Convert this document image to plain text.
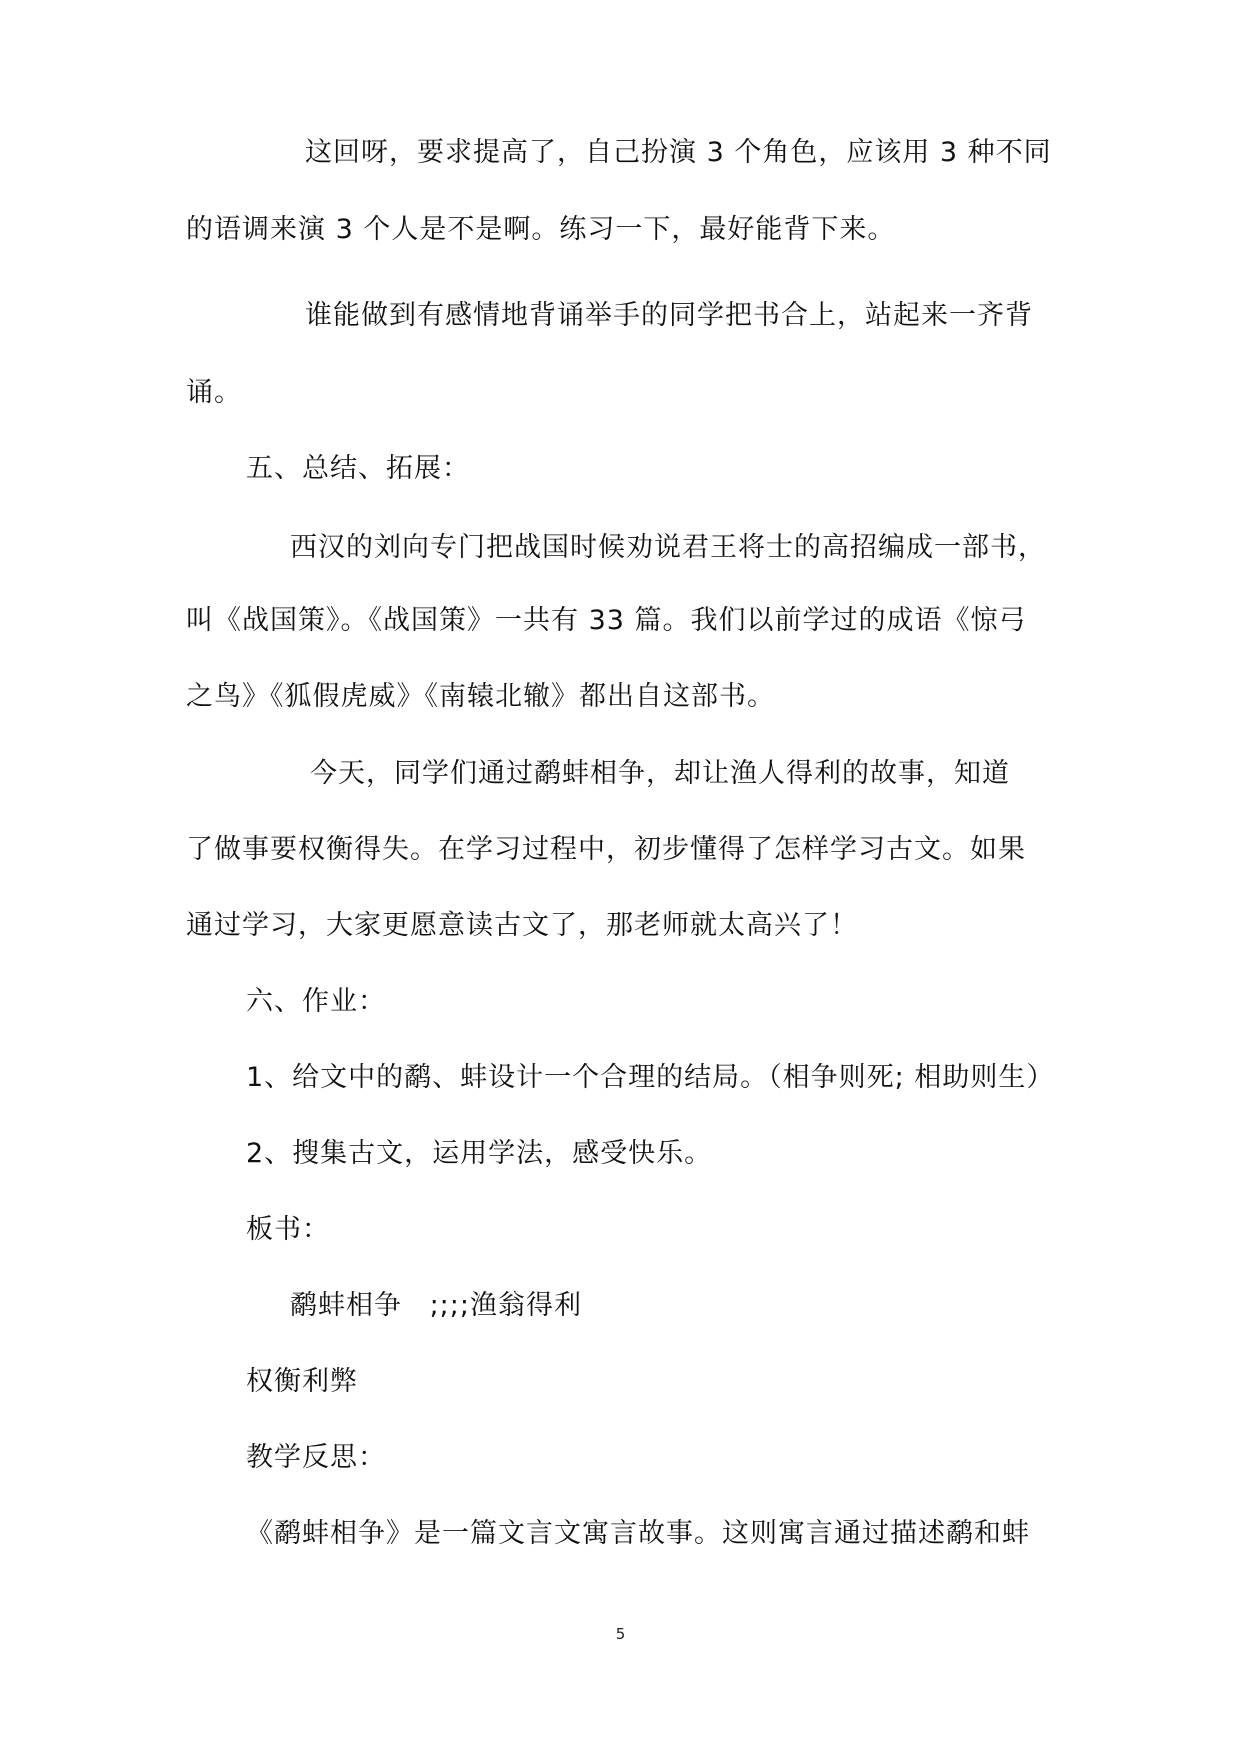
这回呀，要求提高了，自己扮演 3 个角色，应该用 3 种不同
的语调来演 3 个人是不是啊。练习一下，最好能背下来。
谁能做到有感情地背诵举手的同学把书合上，站起来一齐背
诵。
五、总结、拓展：
西汉的刘向专门把战国时候劝说君王将士的高招编成一部书，
叫《战国策》。《战国策》一共有 33 篇。我们以前学过的成语《惊弓
之鸟》《狐假虎威》《南辕北辙》都出自这部书。
今天，同学们通过鹬蚌相争，却让渔人得利的故事，知道
了做事要权衡得失。在学习过程中，初步懂得了怎样学习古文。如果
通过学习，大家更愿意读古文了，那老师就太高兴了！
六、作业：
1、给文中的鹬、蚌设计一个合理的结局。（相争则死; 相助则生）
2、搜集古文，运用学法，感受快乐。
板书：
鹬蚌相争 ;;;;渔翁得利
权衡利弊
教学反思：
《鹬蚌相争》是一篇文言文寓言故事。这则寓言通过描述鹬和蚌
5
